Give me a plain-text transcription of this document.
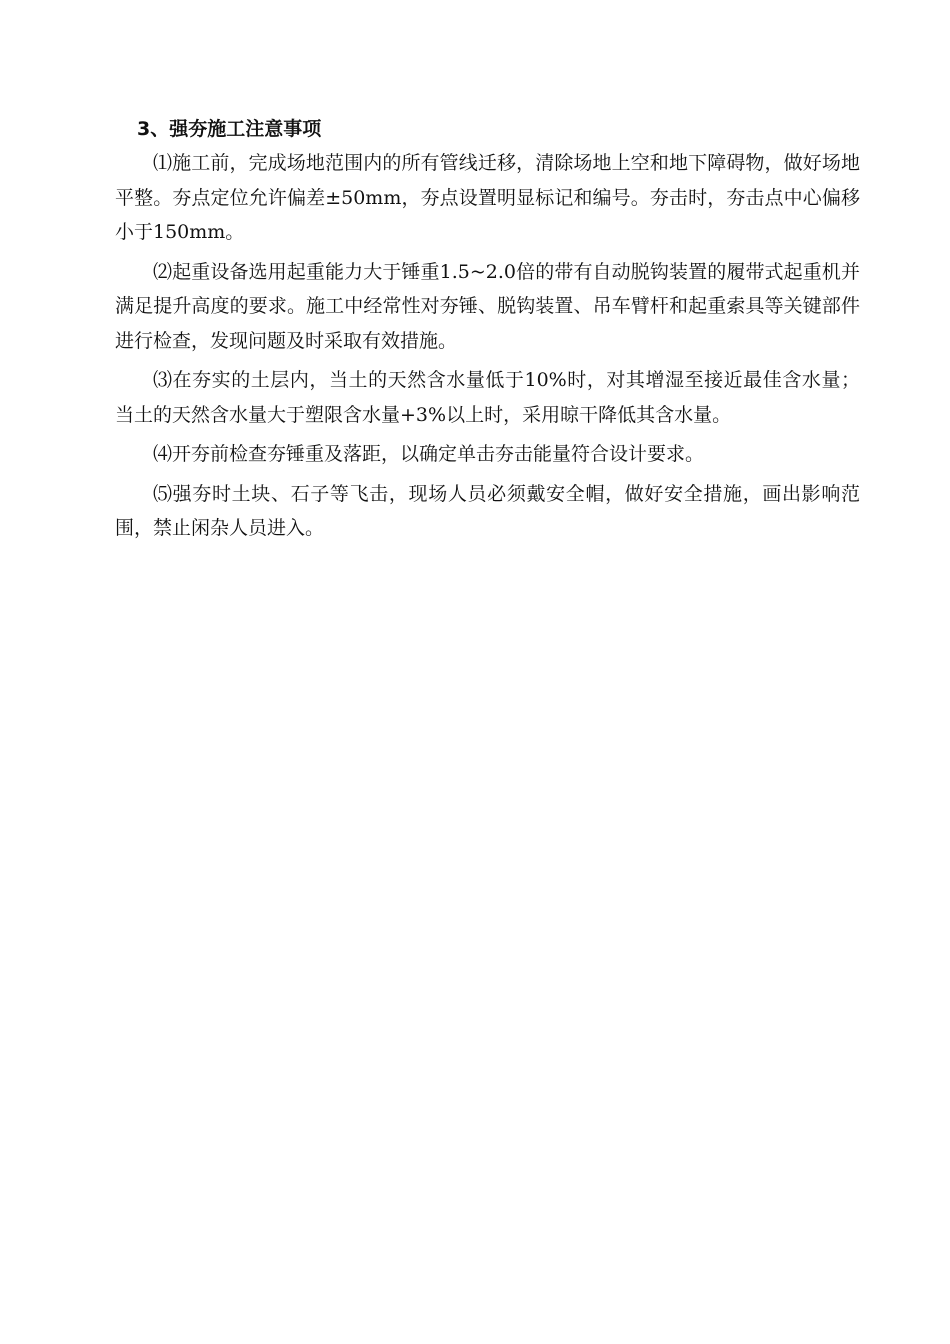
3、强夯施工注意事项

⑴施工前，完成场地范围内的所有管线迁移，清除场地上空和地下障碍物，做好场地平整。夯点定位允许偏差±50mm，夯点设置明显标记和编号。夯击时，夯击点中心偏移小于150mm。

⑵起重设备选用起重能力大于锤重1.5~2.0倍的带有自动脱钩装置的履带式起重机并满足提升高度的要求。施工中经常性对夯锤、脱钩装置、吊车臂杆和起重索具等关键部件进行检查，发现问题及时采取有效措施。

⑶在夯实的土层内，当土的天然含水量低于10%时，对其增湿至接近最佳含水量；当土的天然含水量大于塑限含水量+3%以上时，采用晾干降低其含水量。

⑷开夯前检查夯锤重及落距，以确定单击夯击能量符合设计要求。

⑸强夯时土块、石子等飞击，现场人员必须戴安全帽，做好安全措施，画出影响范围，禁止闲杂人员进入。
